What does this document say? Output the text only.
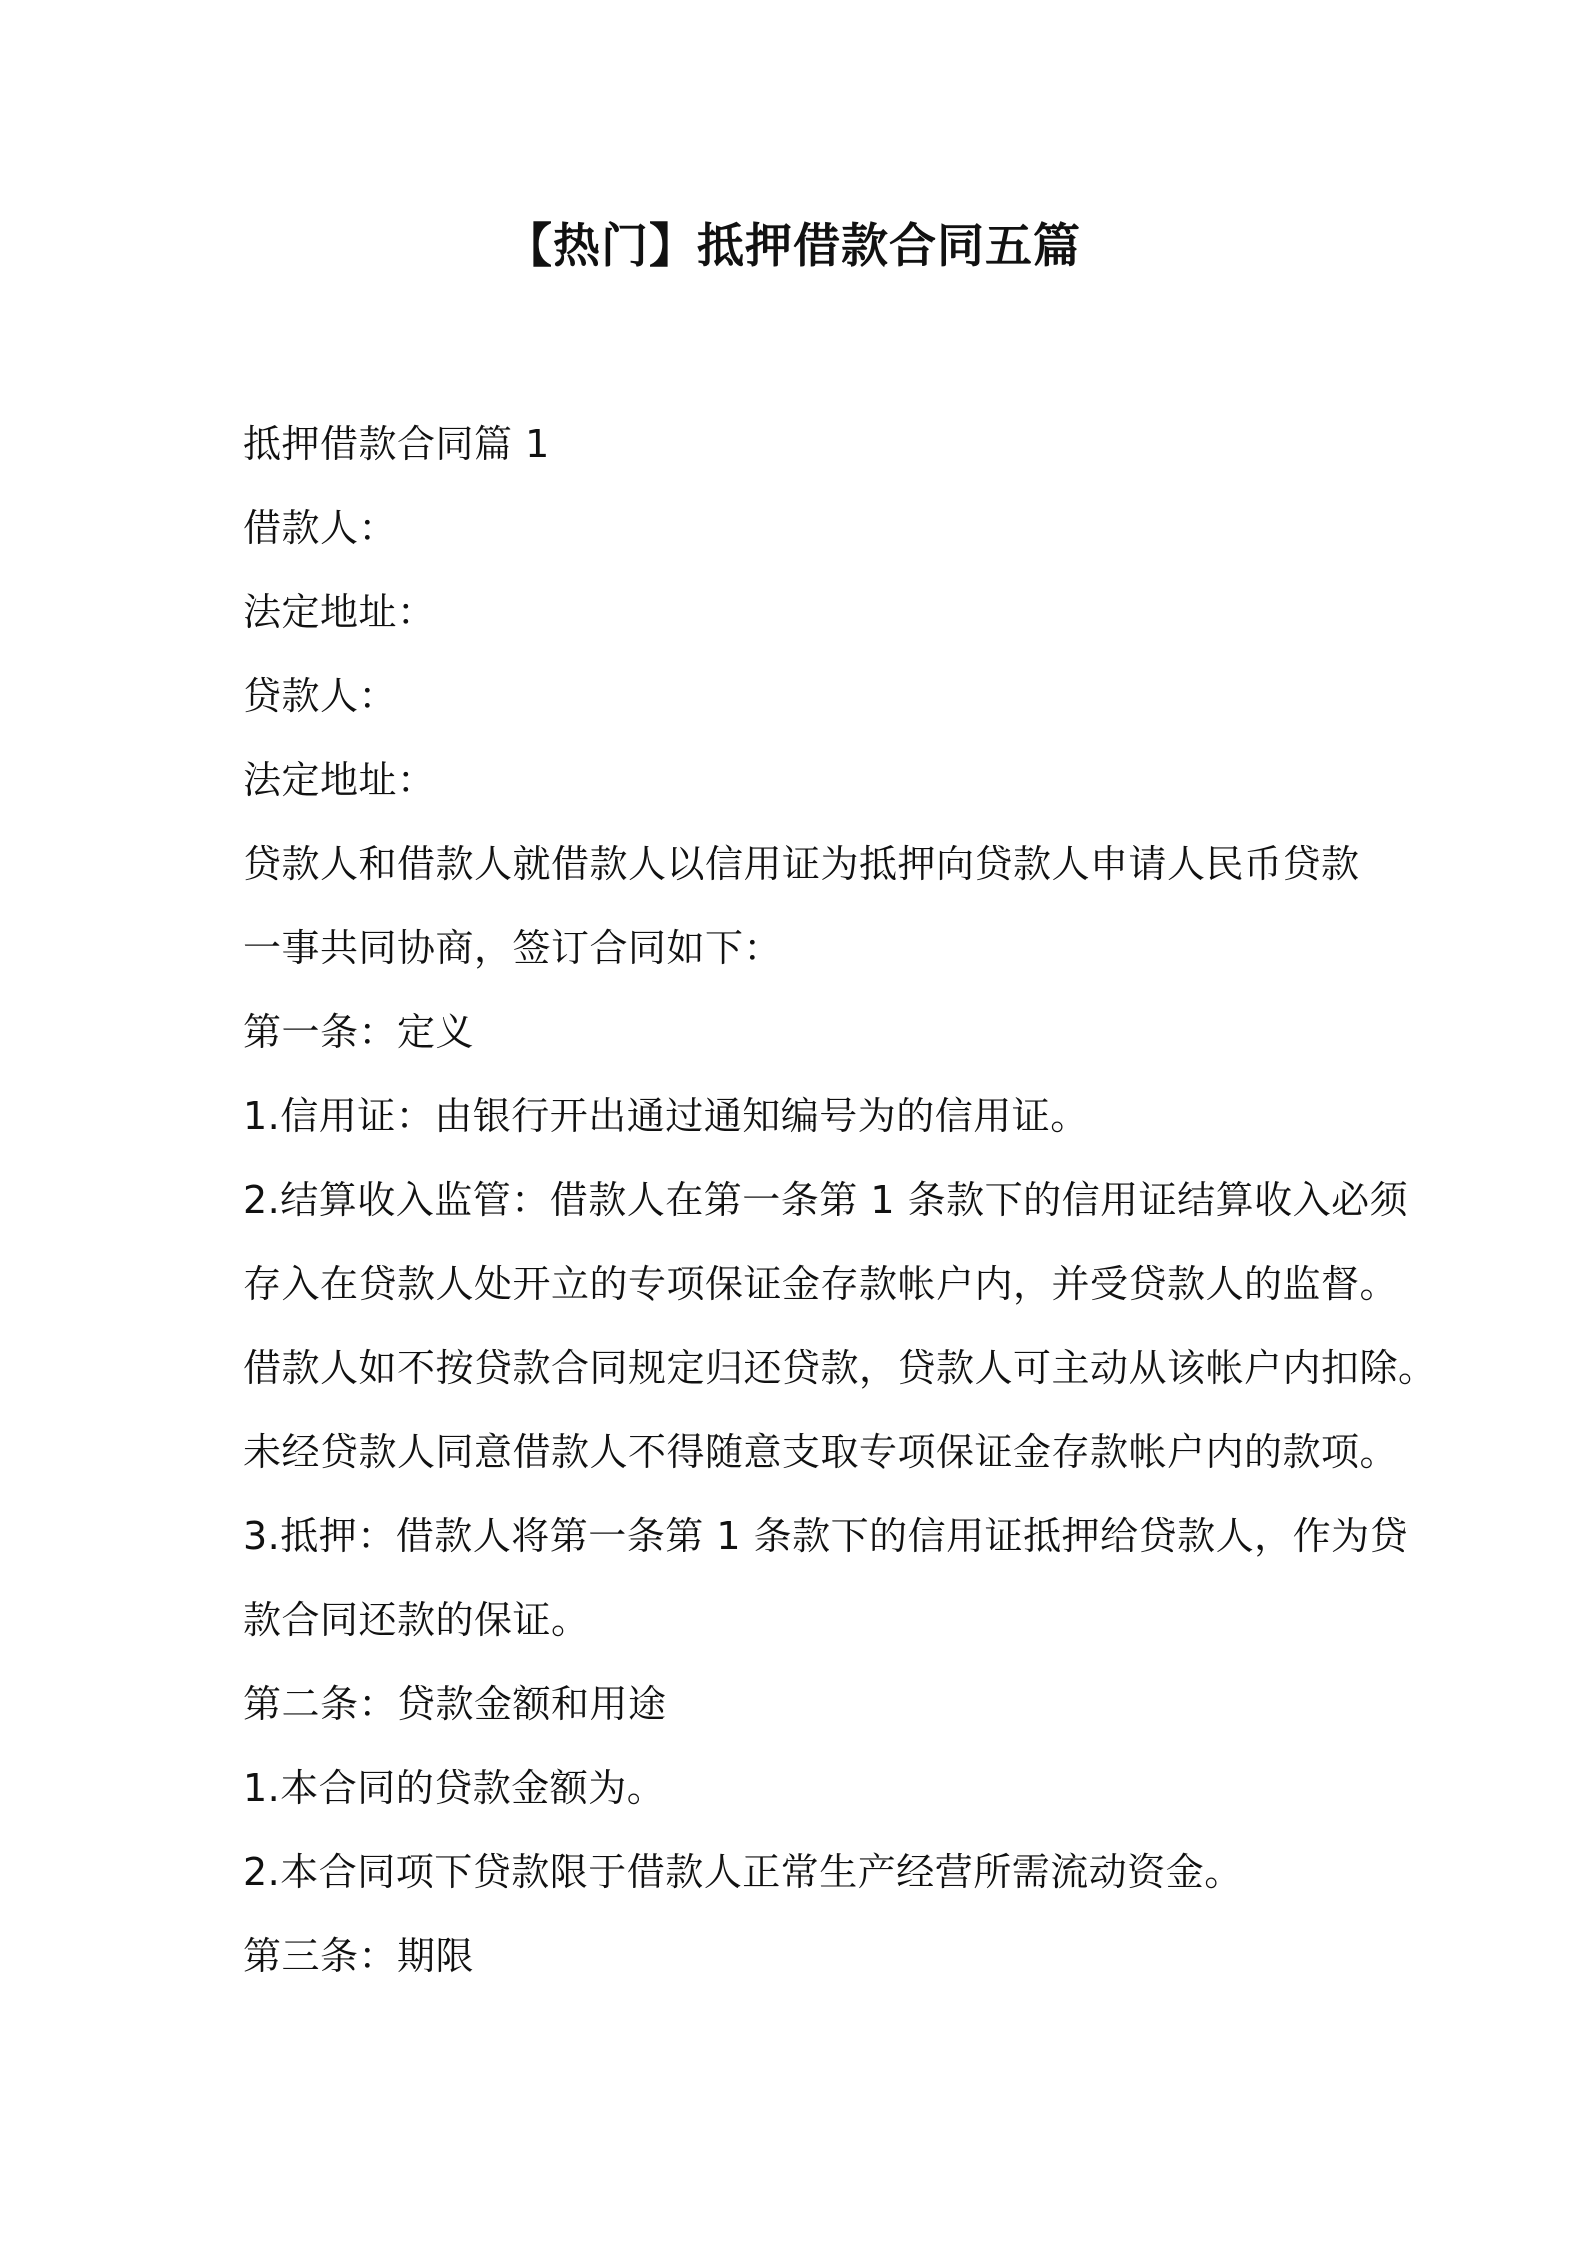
【热门】抵押借款合同五篇
抵押借款合同篇 1
借款人：
法定地址：
贷款人：
法定地址：
贷款人和借款人就借款人以信用证为抵押向贷款人申请人民币贷款
一事共同协商，签订合同如下：
第一条：定义
1.信用证：由银行开出通过通知编号为的信用证。
2.结算收入监管：借款人在第一条第 1 条款下的信用证结算收入必须
存入在贷款人处开立的专项保证金存款帐户内，并受贷款人的监督。
借款人如不按贷款合同规定归还贷款，贷款人可主动从该帐户内扣除。
未经贷款人同意借款人不得随意支取专项保证金存款帐户内的款项。
3.抵押：借款人将第一条第 1 条款下的信用证抵押给贷款人，作为贷
款合同还款的保证。
第二条：贷款金额和用途
1.本合同的贷款金额为。
2.本合同项下贷款限于借款人正常生产经营所需流动资金。
第三条：期限
